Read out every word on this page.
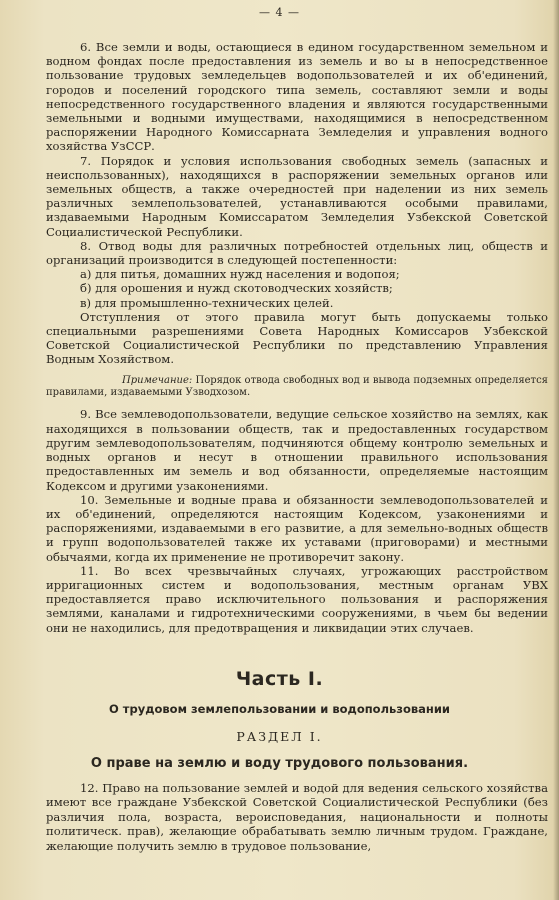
— 4 —

6. Все земли и воды, остающиеся в едином государственном земельном и водном фондах после предоставления из земель и во ы в непосредственное пользование трудовых земледельцев водопользователей и их об'единений, городов и поселений городского типа земель, составляют земли и воды непосредственного государственного владения и являются государственными земельными и водными имуществами, находящимися в непосредственном распоряжении Народного Комиссарната Земледелия и управления водного хозяйства УзССР.

7. Порядок и условия использования свободных земель (запасных и неиспользованных), находящихся в распоряжении земельных органов или земельных обществ, а также очередностей при наделении из них земель различных землепользователей, устанавливаются особыми правилами, издаваемыми Народным Комиссаратом Земледелия Узбекской Советской Социалистической Республики.

8. Отвод воды для различных потребностей отдельных лиц, обществ и организаций производится в следующей постепенности:

а) для питья, домашних нужд населения и водопоя;

б) для орошения и нужд скотоводческих хозяйств;

в) для промышленно-технических целей.

Отступления от этого правила могут быть допускаемы только специальными разрешениями Совета Народных Комиссаров Узбекской Советской Социалистической Республики по представлению Управления Водным Хозяйством.

Примечание: Порядок отвода свободных вод и вывода подземных определяется правилами, издаваемыми Узводхозом.

9. Все землеводопользователи, ведущие сельское хозяйство на землях, как находящихся в пользовании обществ, так и предоставленных государством другим землеводопользователям, подчиняются общему контролю земельных и водных органов и несут в отношении правильного использования предоставленных им земель и вод обязанности, определяемые настоящим Кодексом и другими узаконениями.

10. Земельные и водные права и обязанности землеводопользователей и их об'единений, определяются настоящим Кодексом, узаконениями и распоряжениями, издаваемыми в его развитие, а для земельно-водных обществ и групп водопользователей также их уставами (приговорами) и местными обычаями, когда их применение не противоречит закону.

11. Во всех чрезвычайных случаях, угрожающих расстройством ирригационных систем и водопользования, местным органам УВХ предоставляется право исключительного пользования и распоряжения землями, каналами и гидротехническими сооружениями, в чьем бы ведении они не находились, для предотвращения и ликвидации этих случаев.

Часть I.
О трудовом землепользовании и водопользовании
РАЗДЕЛ I.
О праве на землю и воду трудового пользования.

12. Право на пользование землей и водой для ведения сельского хозяйства имеют все граждане Узбекской Советской Социалистической Республики (без различия пола, возраста, вероисповедания, национальности и полноты политическ. прав), желающие обрабатывать землю личным трудом. Граждане, желающие получить землю в трудовое пользование,
